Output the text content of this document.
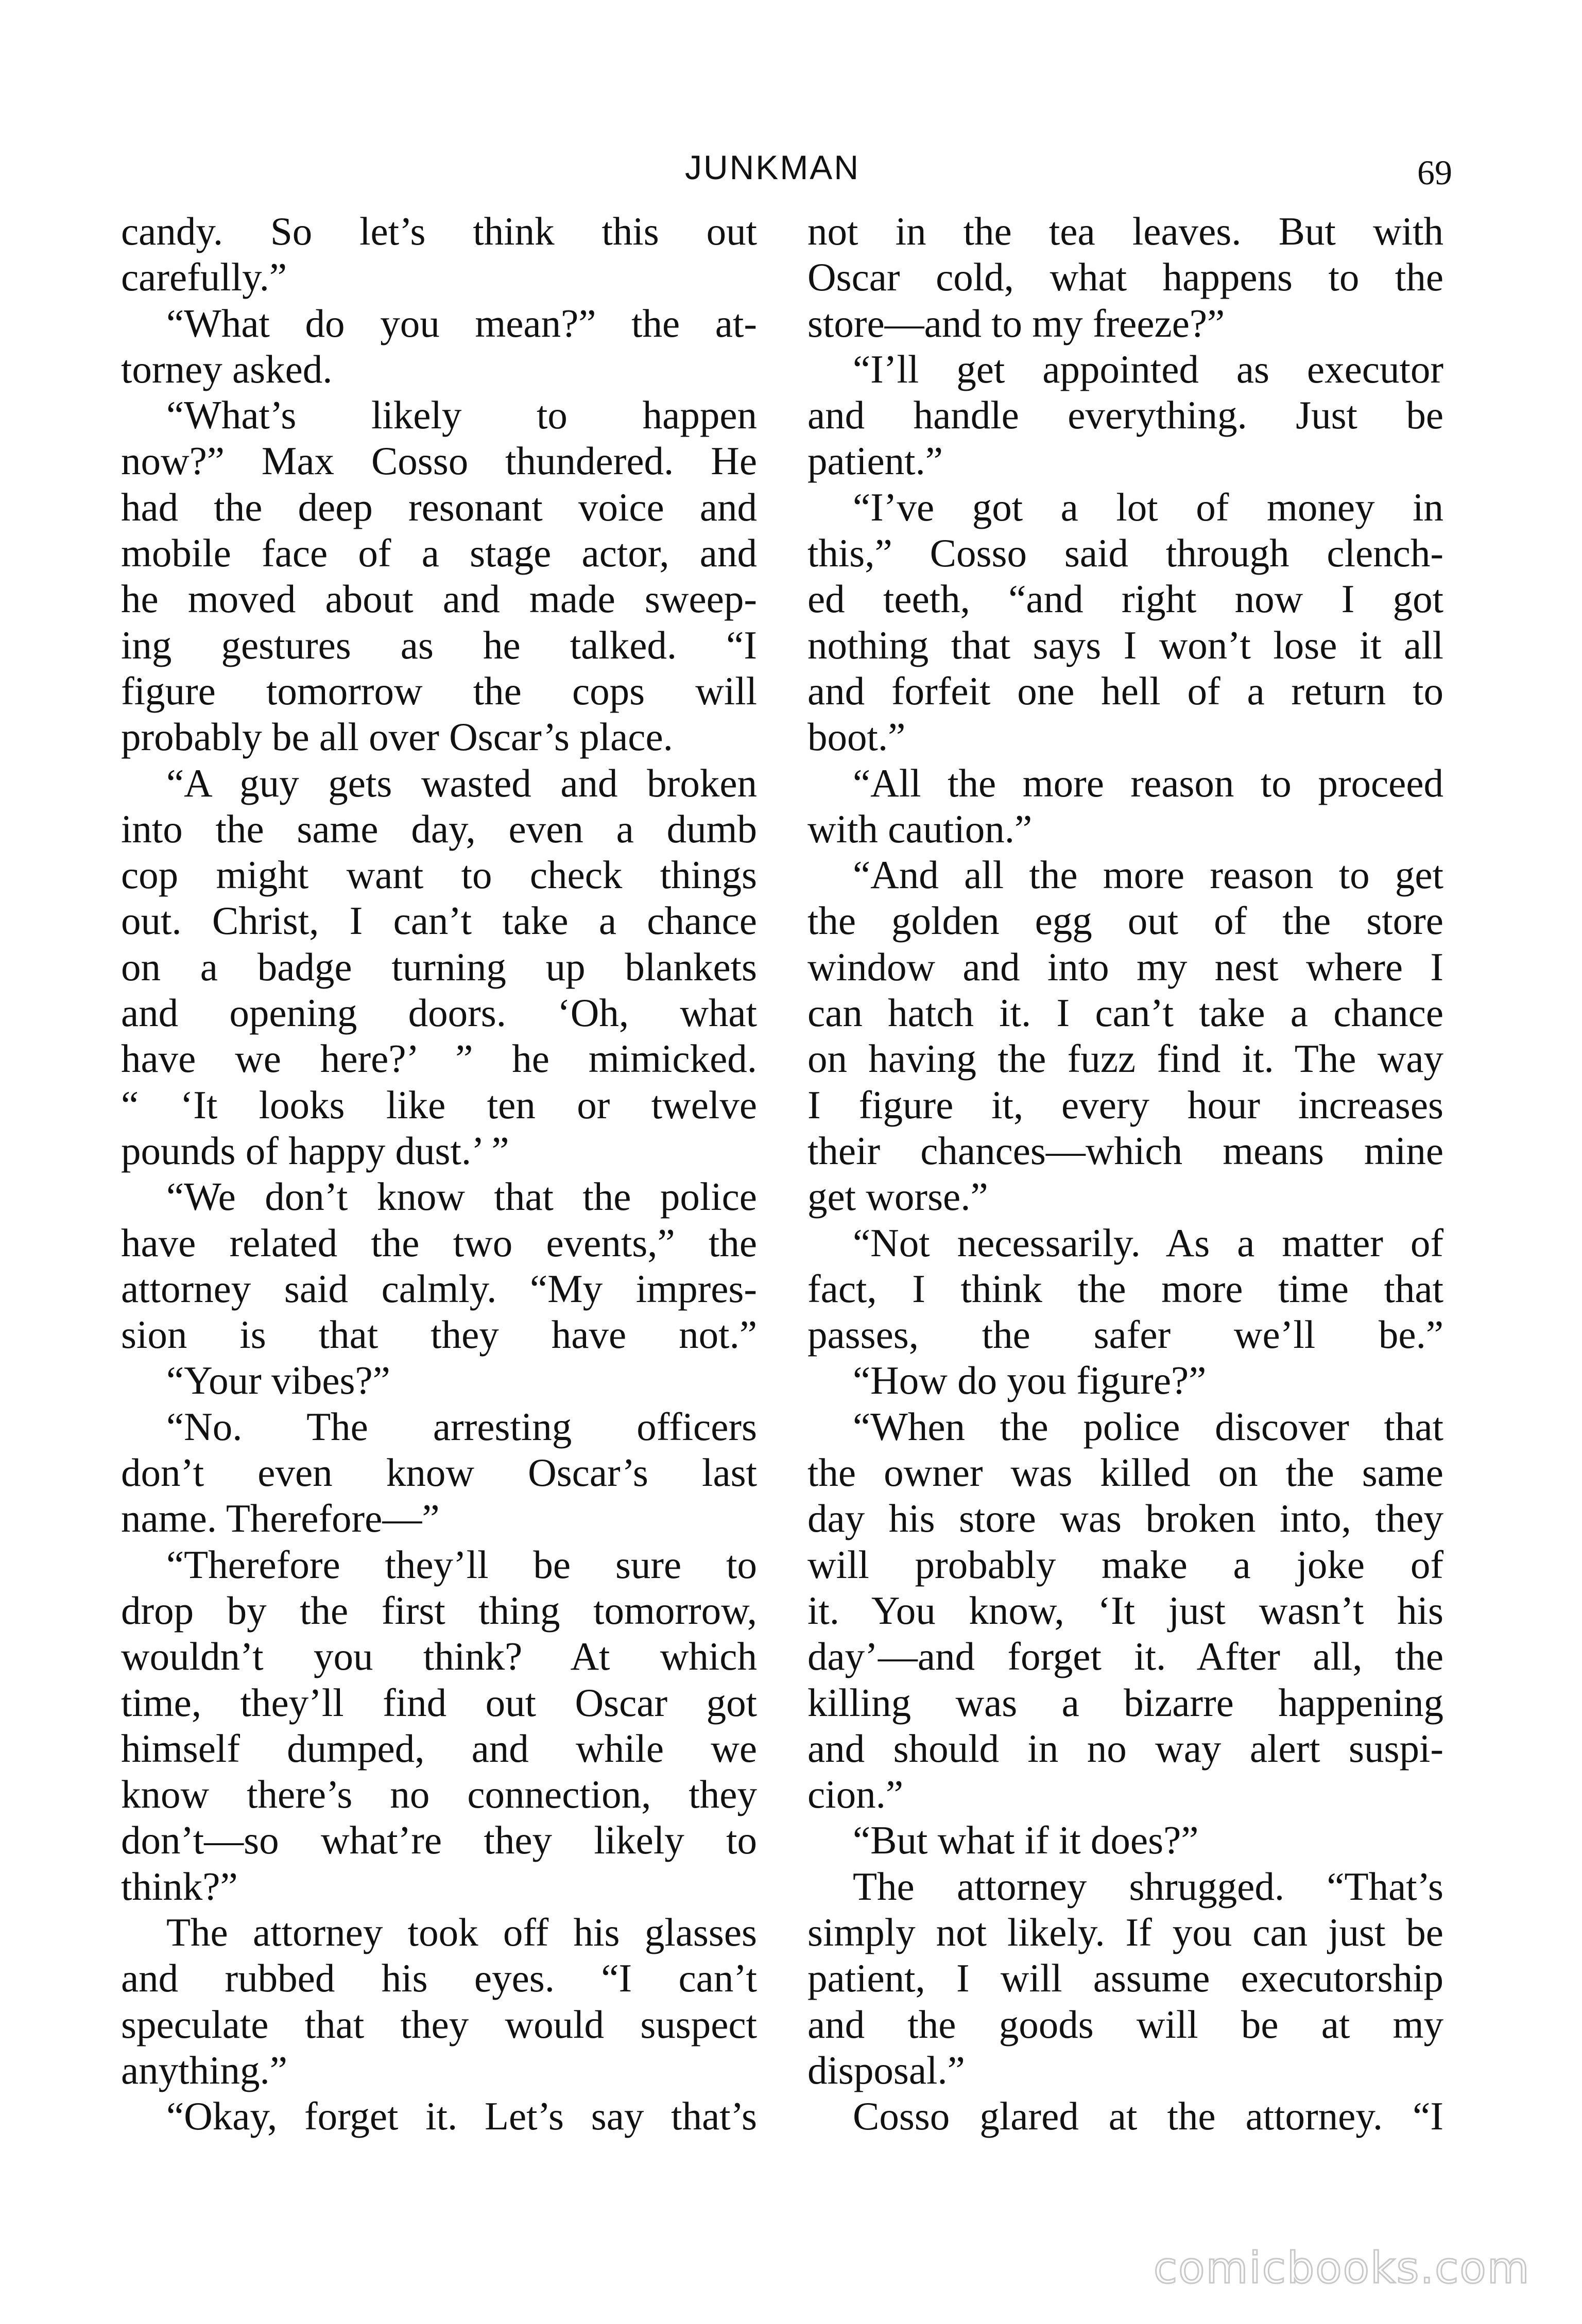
JUNKMAN	69
candy. So let’s think this out
carefully.”
“What do you mean?” the at-
torney asked.
“What’s likely to happen
now?” Max Cosso thundered. He
had the deep resonant voice and
mobile face of a stage actor, and
he moved about and made sweep-
ing gestures as he talked. “I
figure tomorrow the cops will
probably be all over Oscar’s place.
“A guy gets wasted and broken
into the same day, even a dumb
cop might want to check things
out. Christ, I can’t take a chance
on a badge turning up blankets
and opening doors. ‘Oh, what
have we here?’ ” he mimicked.
“ ‘It looks like ten or twelve
pounds of happy dust.’ ”
“We don’t know that the police
have related the two events,” the
attorney said calmly. “My impres-
sion is that they have not.”
“Your vibes?”
“No. The arresting officers
don’t even know Oscar’s last
name. Therefore—”
“Therefore they’ll be sure to
drop by the first thing tomorrow,
wouldn’t you think? At which
time, they’ll find out Oscar got
himself dumped, and while we
know there’s no connection, they
don’t—so what’re they likely to
think?”
The attorney took off his glasses
and rubbed his eyes. “I can’t
speculate that they would suspect
anything.”
“Okay, forget it. Let’s say that’s
not in the tea leaves. But with
Oscar cold, what happens to the
store—and to my freeze?”
“I’ll get appointed as executor
and handle everything. Just be
patient.”
“I’ve got a lot of money in
this,” Cosso said through clench-
ed teeth, “and right now I got
nothing that says I won’t lose it all
and forfeit one hell of a return to
boot.”
“All the more reason to proceed
with caution.”
“And all the more reason to get
the golden egg out of the store
window and into my nest where I
can hatch it. I can’t take a chance
on having the fuzz find it. The way
I figure it, every hour increases
their chances—which means mine
get worse.”
“Not necessarily. As a matter of
fact, I think the more time that
passes, the safer we’ll be.”
“How do you figure?”
“When the police discover that
the owner was killed on the same
day his store was broken into, they
will probably make a joke of
it. You know, ‘It just wasn’t his
day’—and forget it. After all, the
killing was a bizarre happening
and should in no way alert suspi-
cion.”
“But what if it does?”
The attorney shrugged. “That’s
simply not likely. If you can just be
patient, I will assume executorship
and the goods will be at my
disposal.”
Cosso glared at the attorney. “I
comicbooks.com
